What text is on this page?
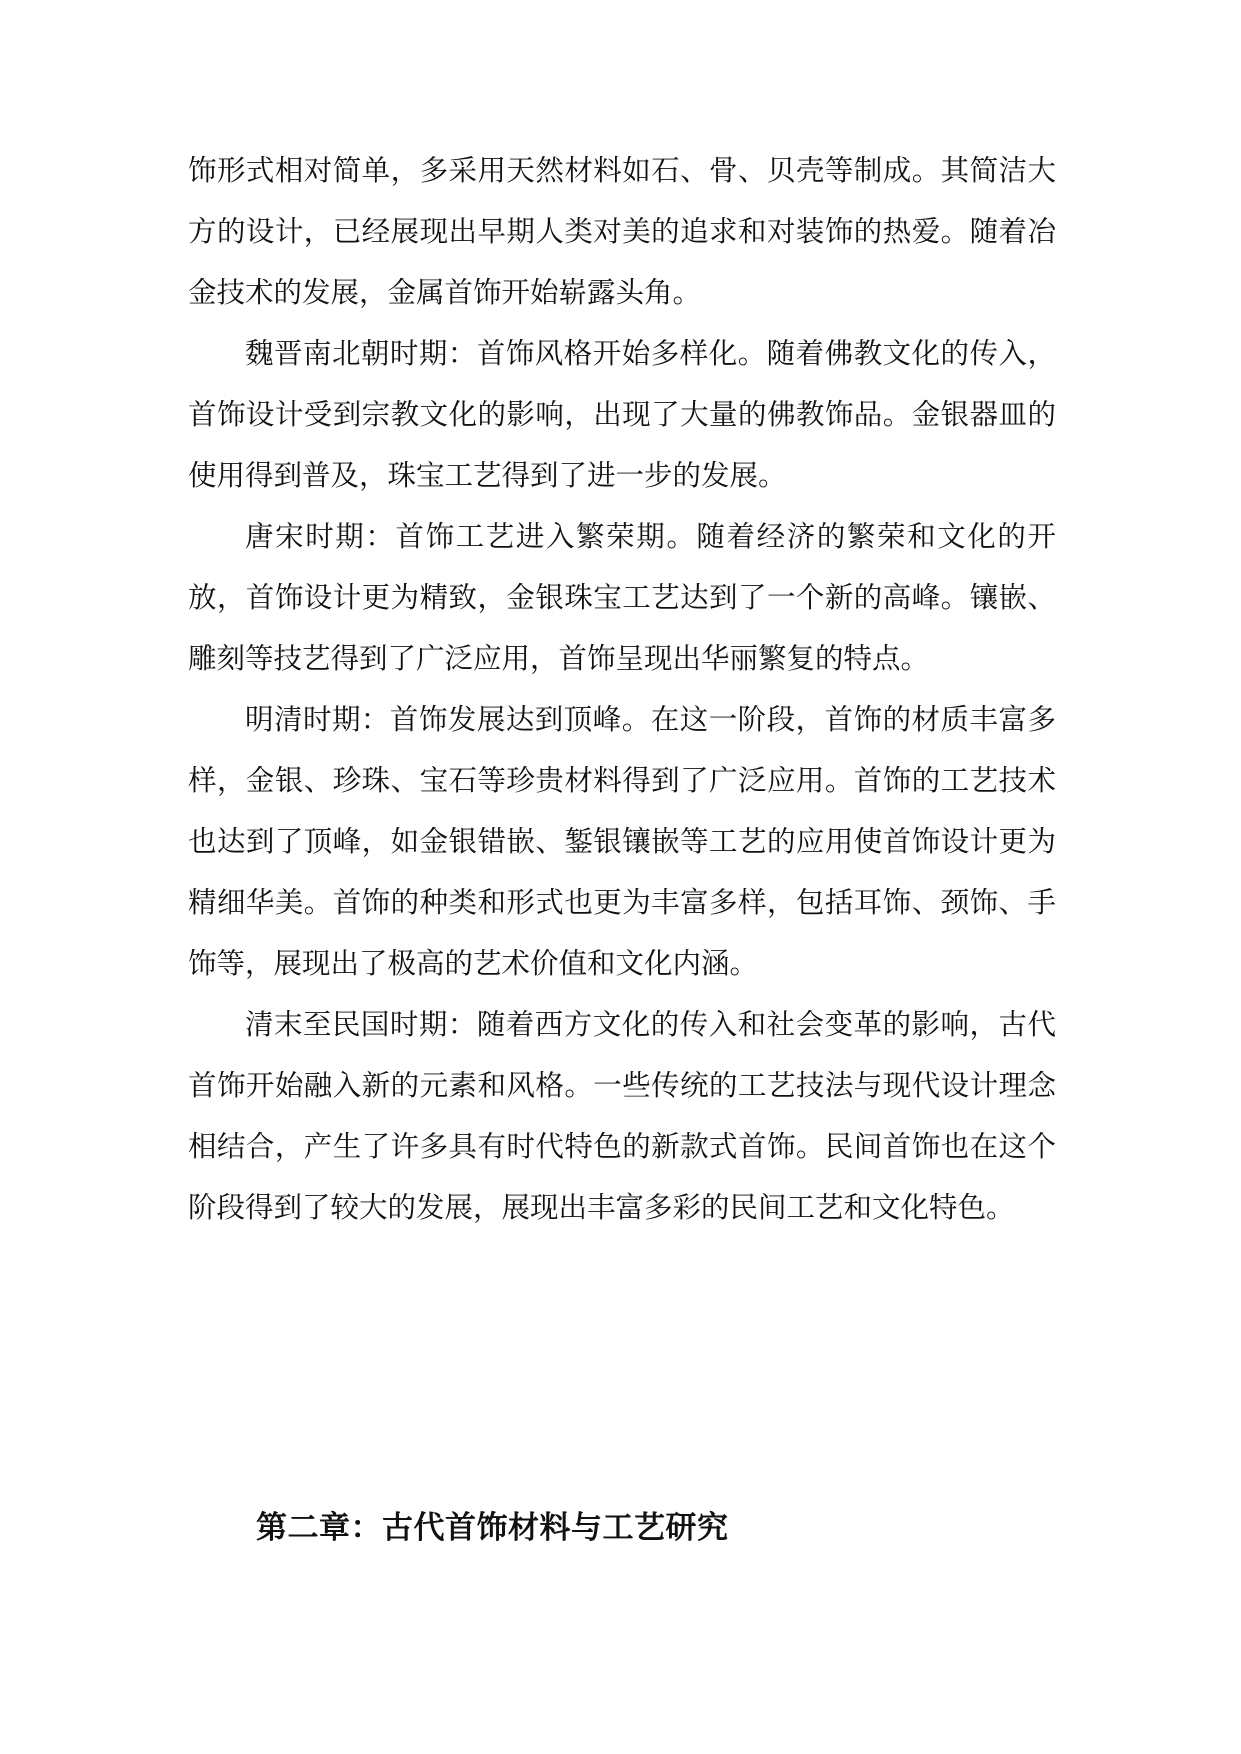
饰形式相对简单，多采用天然材料如石、骨、贝壳等制成。其简洁大方的设计，已经展现出早期人类对美的追求和对装饰的热爱。随着冶金技术的发展，金属首饰开始崭露头角。

魏晋南北朝时期：首饰风格开始多样化。随着佛教文化的传入，首饰设计受到宗教文化的影响，出现了大量的佛教饰品。金银器皿的使用得到普及，珠宝工艺得到了进一步的发展。

唐宋时期：首饰工艺进入繁荣期。随着经济的繁荣和文化的开放，首饰设计更为精致，金银珠宝工艺达到了一个新的高峰。镶嵌、雕刻等技艺得到了广泛应用，首饰呈现出华丽繁复的特点。

明清时期：首饰发展达到顶峰。在这一阶段，首饰的材质丰富多样，金银、珍珠、宝石等珍贵材料得到了广泛应用。首饰的工艺技术也达到了顶峰，如金银错嵌、錾银镶嵌等工艺的应用使首饰设计更为精细华美。首饰的种类和形式也更为丰富多样，包括耳饰、颈饰、手饰等，展现出了极高的艺术价值和文化内涵。

清末至民国时期：随着西方文化的传入和社会变革的影响，古代首饰开始融入新的元素和风格。一些传统的工艺技法与现代设计理念相结合，产生了许多具有时代特色的新款式首饰。民间首饰也在这个阶段得到了较大的发展，展现出丰富多彩的民间工艺和文化特色。

第二章：古代首饰材料与工艺研究
